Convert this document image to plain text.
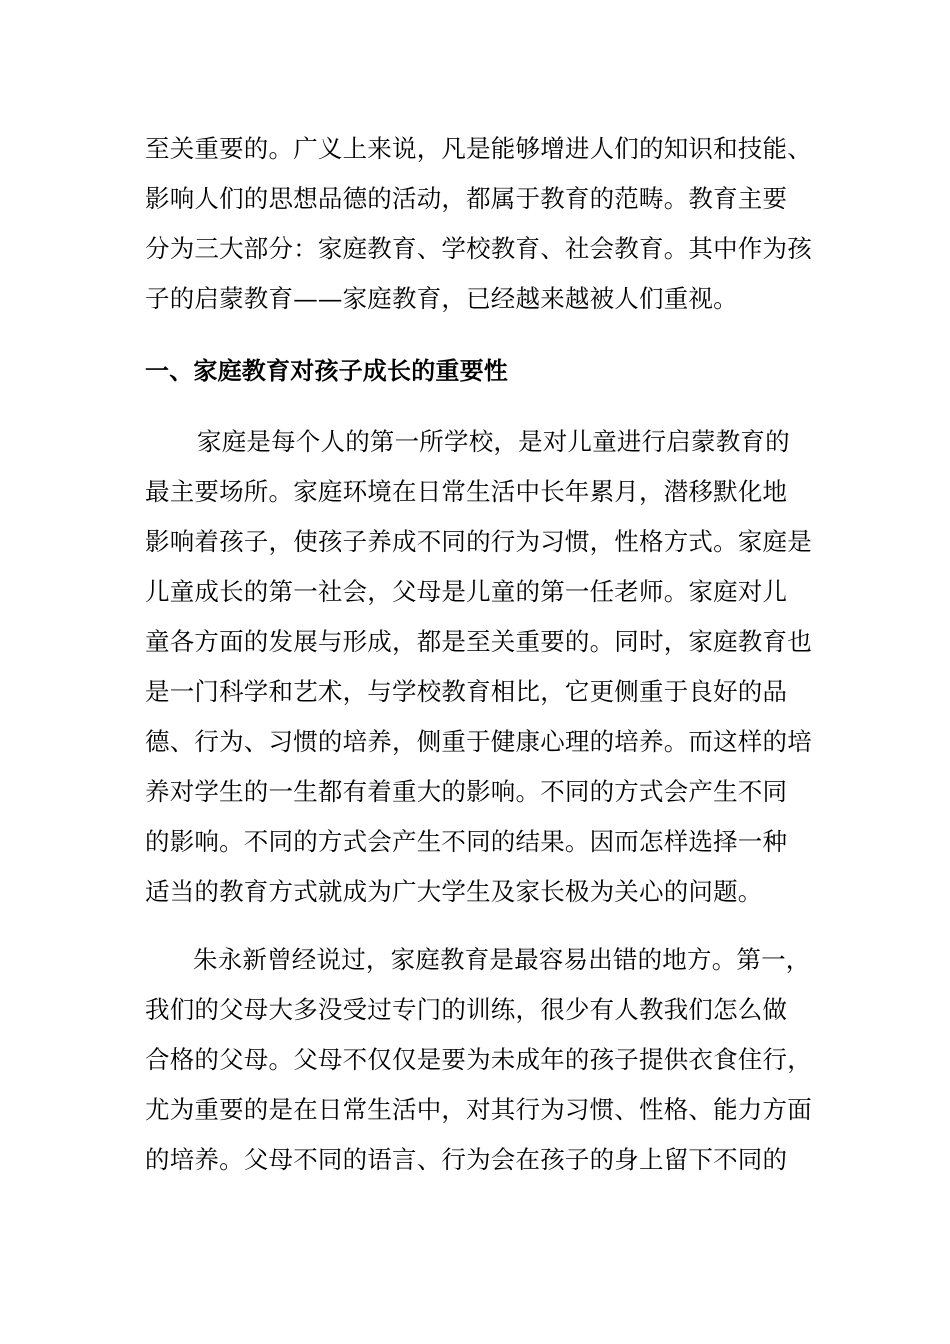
至关重要的。广义上来说，凡是能够增进人们的知识和技能、
影响人们的思想品德的活动，都属于教育的范畴。教育主要
分为三大部分：家庭教育、学校教育、社会教育。其中作为孩
子的启蒙教育——家庭教育，已经越来越被人们重视。
一、家庭教育对孩子成长的重要性
家庭是每个人的第一所学校，是对儿童进行启蒙教育的
最主要场所。家庭环境在日常生活中长年累月，潜移默化地
影响着孩子，使孩子养成不同的行为习惯，性格方式。家庭是
儿童成长的第一社会，父母是儿童的第一任老师。家庭对儿
童各方面的发展与形成，都是至关重要的。同时，家庭教育也
是一门科学和艺术，与学校教育相比，它更侧重于良好的品
德、行为、习惯的培养，侧重于健康心理的培养。而这样的培
养对学生的一生都有着重大的影响。不同的方式会产生不同
的影响。不同的方式会产生不同的结果。因而怎样选择一种
适当的教育方式就成为广大学生及家长极为关心的问题。
朱永新曾经说过，家庭教育是最容易出错的地方。第一，
我们的父母大多没受过专门的训练，很少有人教我们怎么做
合格的父母。父母不仅仅是要为未成年的孩子提供衣食住行，
尤为重要的是在日常生活中，对其行为习惯、性格、能力方面
的培养。父母不同的语言、行为会在孩子的身上留下不同的
